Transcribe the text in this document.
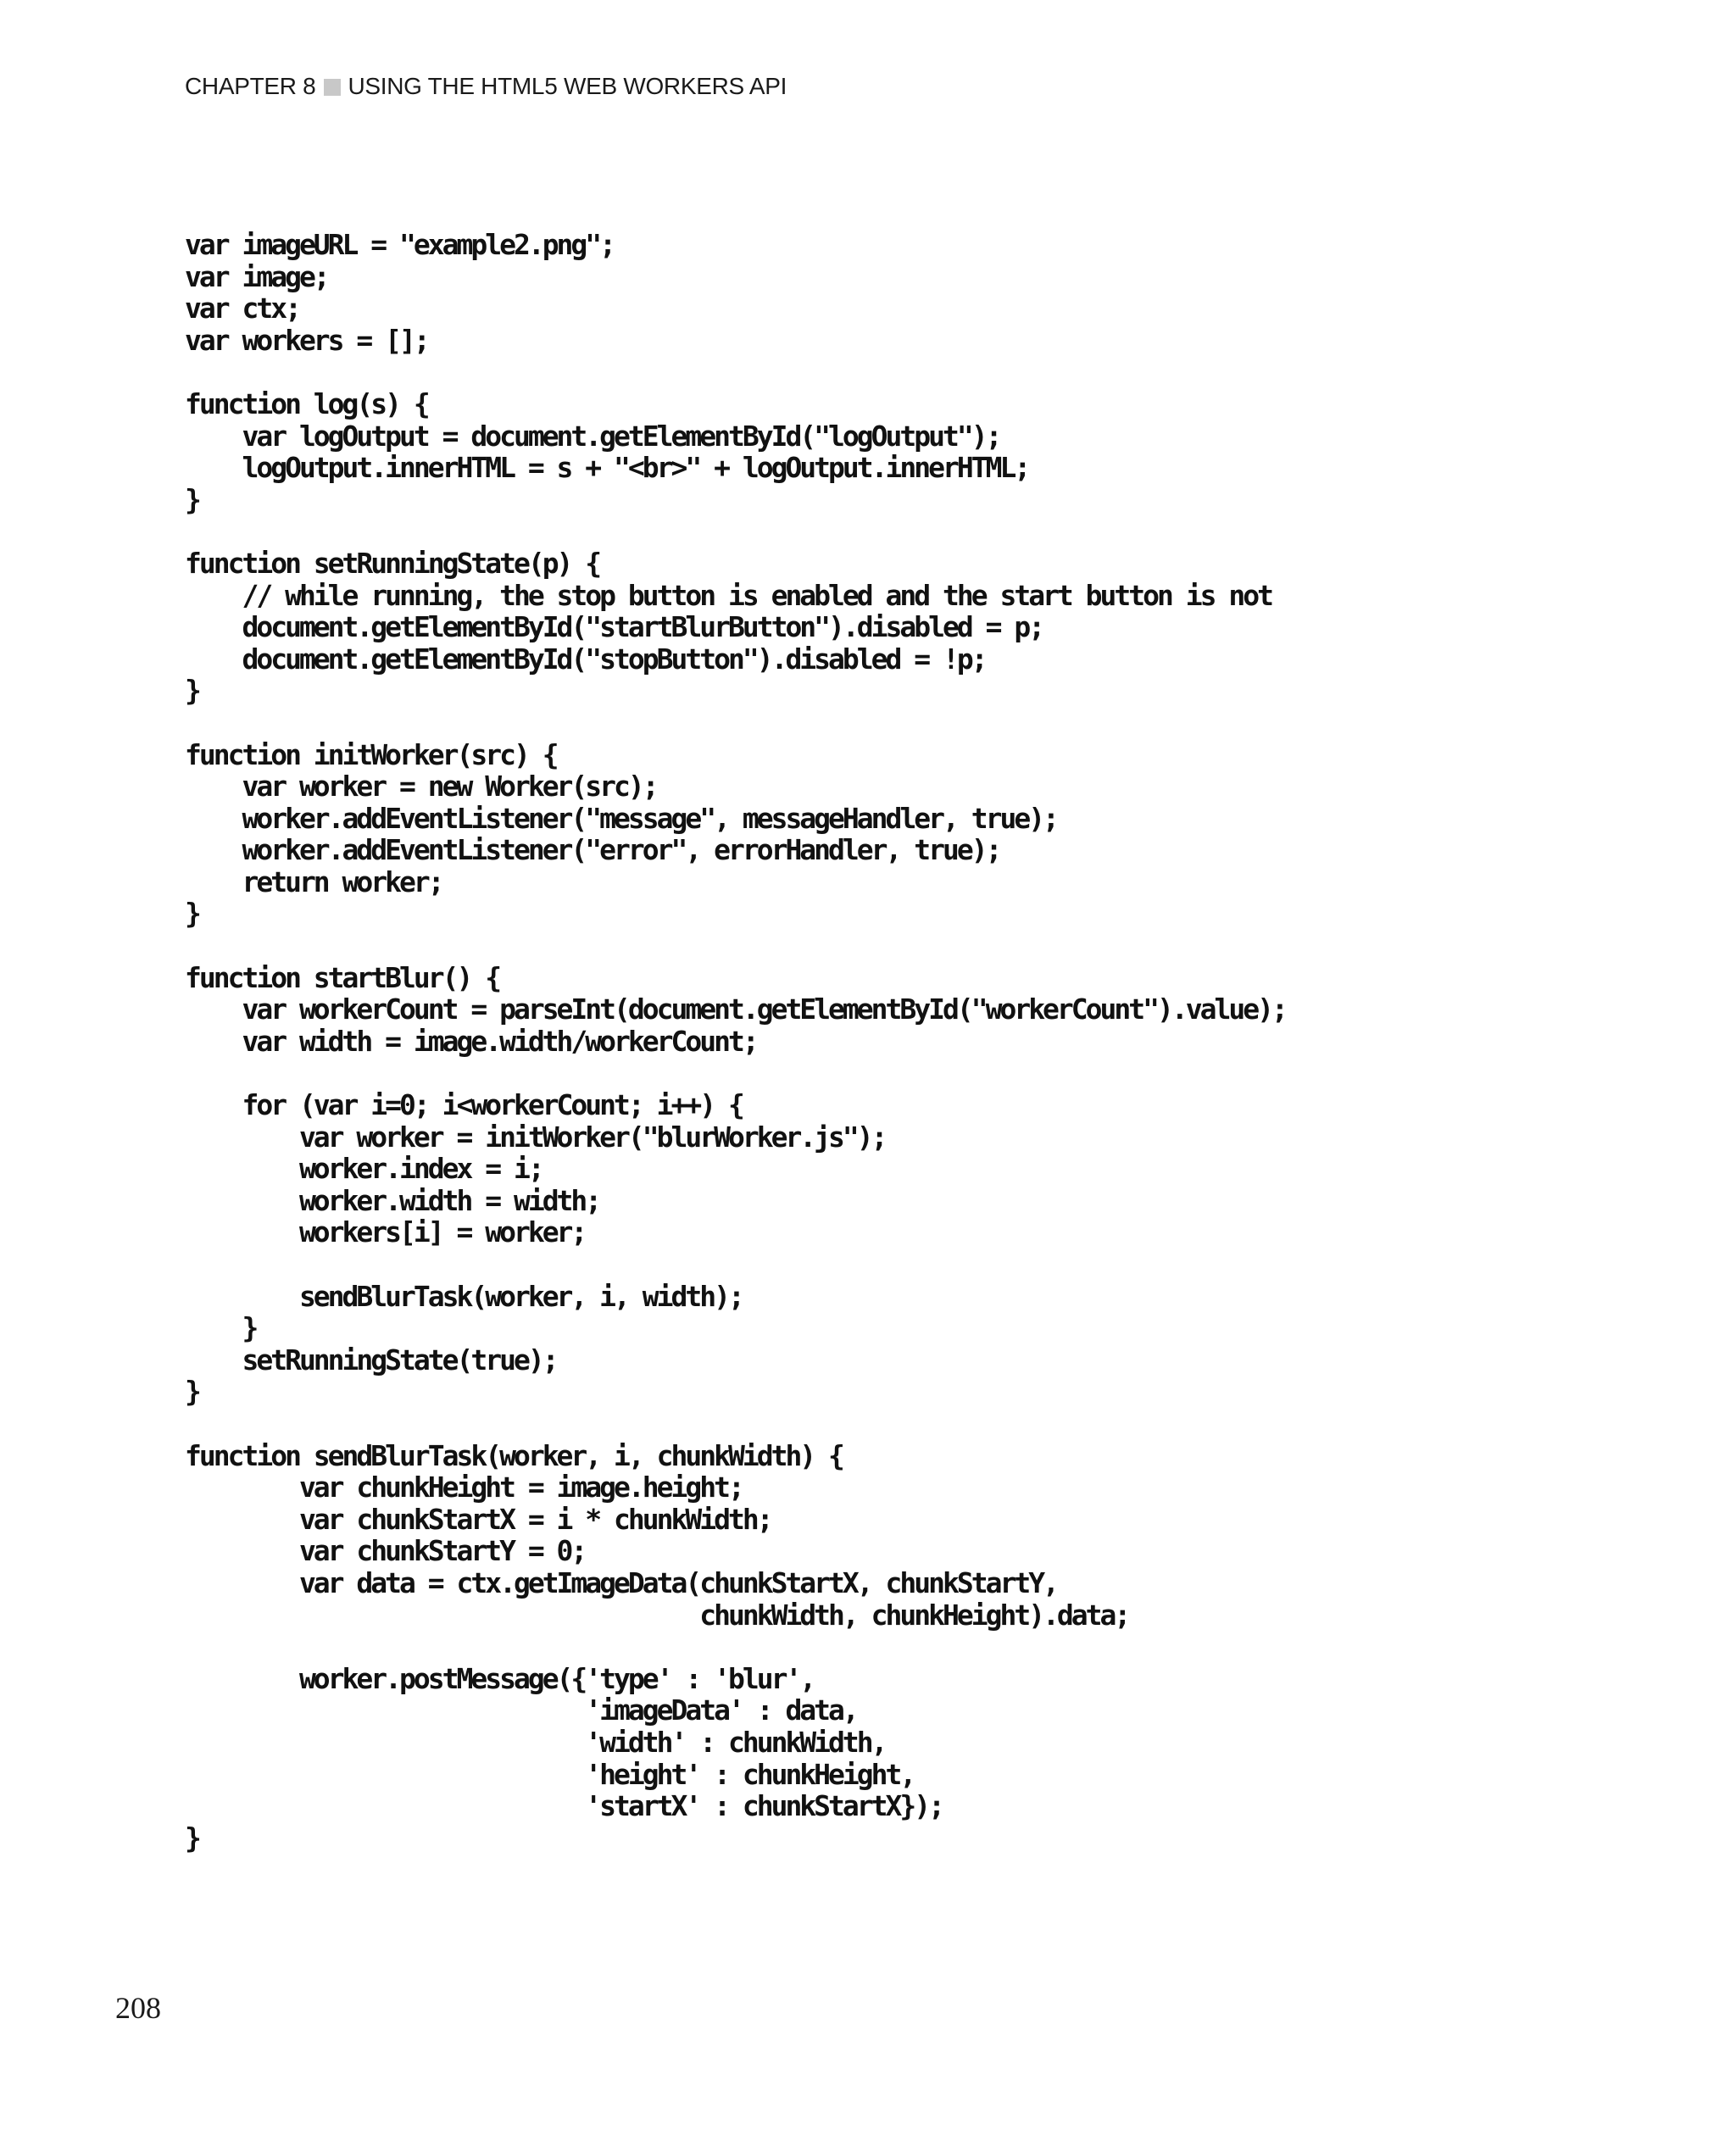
CHAPTER 8 USING THE HTML5 WEB WORKERS API
var imageURL = "example2.png";
var image;
var ctx;
var workers = [];

function log(s) {
var logOutput = document.getElementById("logOutput");
logOutput.innerHTML = s + "<br>" + logOutput.innerHTML;
}

function setRunningState(p) {
// while running, the stop button is enabled and the start button is not
document.getElementById("startBlurButton").disabled = p;
document.getElementById("stopButton").disabled = !p;
}

function initWorker(src) {
var worker = new Worker(src);
worker.addEventListener("message", messageHandler, true);
worker.addEventListener("error", errorHandler, true);
return worker;
}

function startBlur() {
var workerCount = parseInt(document.getElementById("workerCount").value);
var width = image.width/workerCount;

for (var i=0; i<workerCount; i++) {
var worker = initWorker("blurWorker.js");
worker.index = i;
worker.width = width;
workers[i] = worker;

sendBlurTask(worker, i, width);
}
setRunningState(true);
}

function sendBlurTask(worker, i, chunkWidth) {
var chunkHeight = image.height;
var chunkStartX = i * chunkWidth;
var chunkStartY = 0;
var data = ctx.getImageData(chunkStartX, chunkStartY,
chunkWidth, chunkHeight).data;

worker.postMessage({'type' : 'blur',
'imageData' : data,
'width' : chunkWidth,
'height' : chunkHeight,
'startX' : chunkStartX});
}
208
